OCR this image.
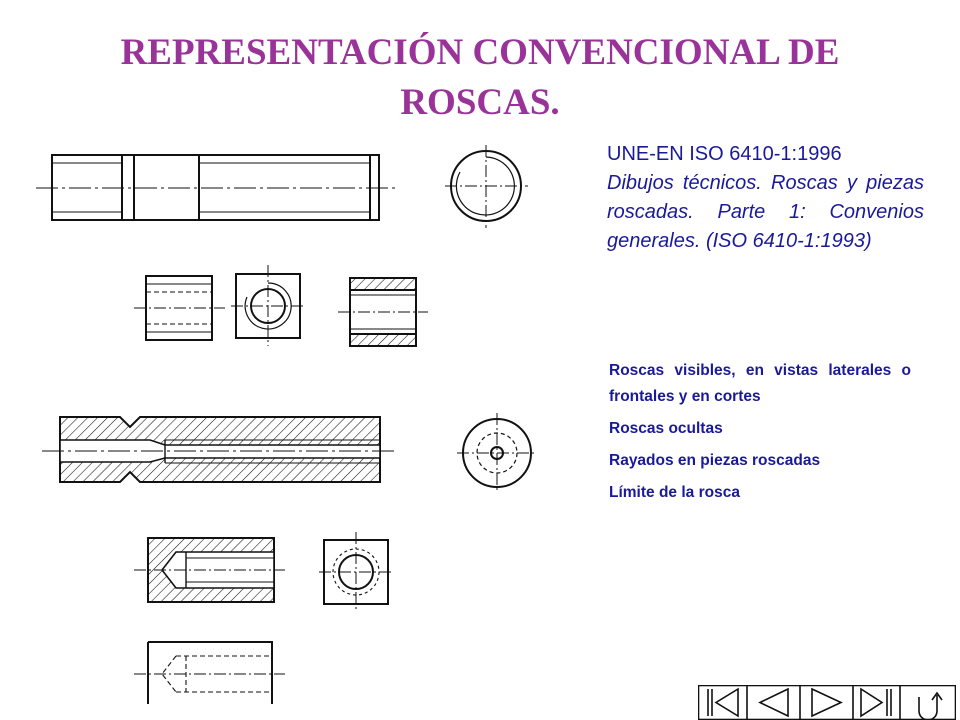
REPRESENTACIÓN CONVENCIONAL DE
ROSCAS.
UNE-EN ISO 6410-1:1996
Dibujos técnicos. Roscas y piezas roscadas. Parte 1: Convenios generales. (ISO 6410-1:1993)

Roscas visibles, en vistas laterales o frontales y en cortes

Roscas ocultas

Rayados en piezas roscadas

Límite de la rosca
